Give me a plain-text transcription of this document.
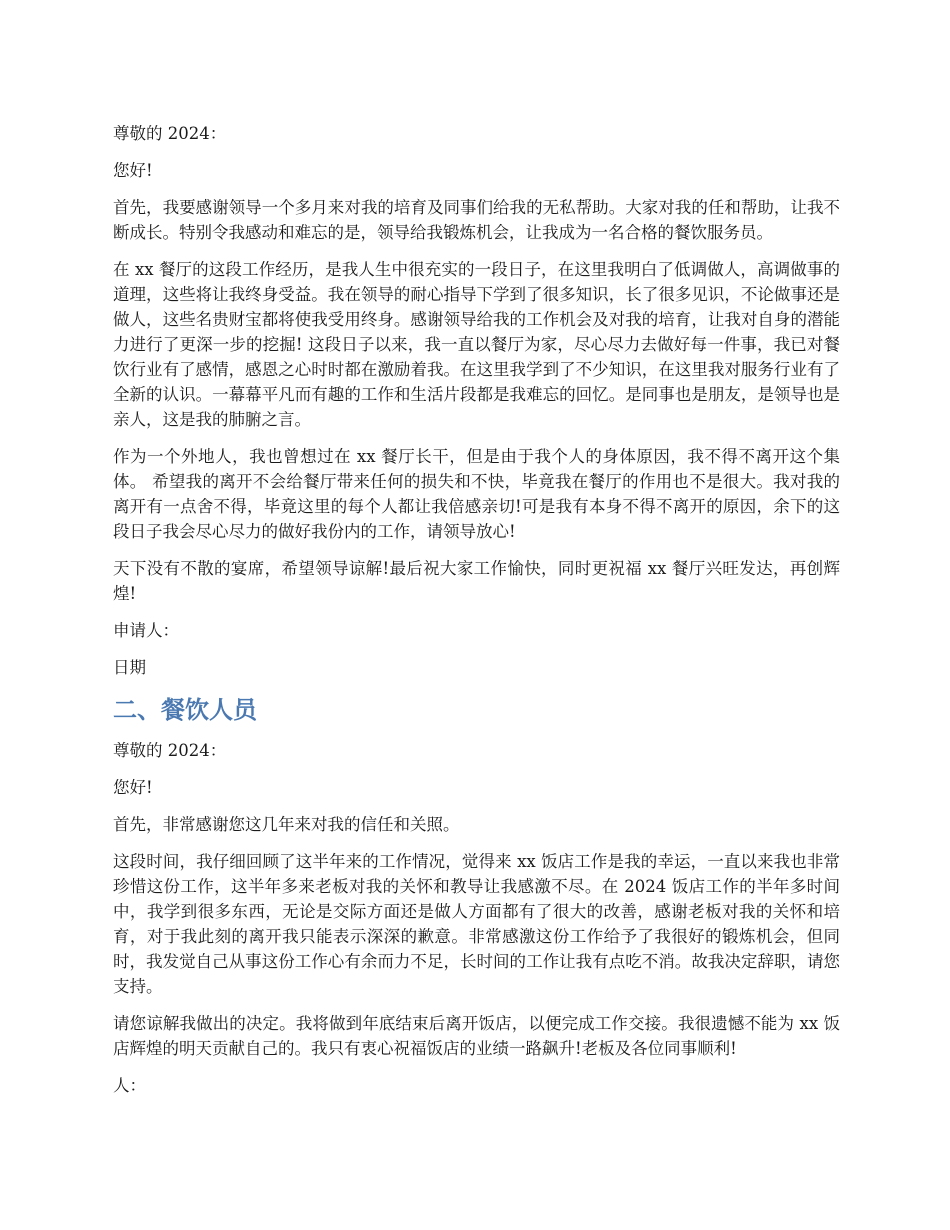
尊敬的 2024：

您好!

首先，我要感谢领导一个多月来对我的培育及同事们给我的无私帮助。大家对我的任和帮助，让我不断成长。特别令我感动和难忘的是，领导给我锻炼机会，让我成为一名合格的餐饮服务员。

在 xx 餐厅的这段工作经历，是我人生中很充实的一段日子，在这里我明白了低调做人，高调做事的道理，这些将让我终身受益。我在领导的耐心指导下学到了很多知识，长了很多见识，不论做事还是做人，这些名贵财宝都将使我受用终身。感谢领导给我的工作机会及对我的培育，让我对自身的潜能力进行了更深一步的挖掘! 这段日子以来，我一直以餐厅为家，尽心尽力去做好每一件事，我已对餐饮行业有了感情，感恩之心时时都在激励着我。在这里我学到了不少知识，在这里我对服务行业有了全新的认识。一幕幕平凡而有趣的工作和生活片段都是我难忘的回忆。是同事也是朋友，是领导也是亲人，这是我的肺腑之言。

作为一个外地人，我也曾想过在 xx 餐厅长干，但是由于我个人的身体原因，我不得不离开这个集体。 希望我的离开不会给餐厅带来任何的损失和不快，毕竟我在餐厅的作用也不是很大。我对我的离开有一点舍不得，毕竟这里的每个人都让我倍感亲切!可是我有本身不得不离开的原因，余下的这段日子我会尽心尽力的做好我份内的工作，请领导放心!

天下没有不散的宴席，希望领导谅解!最后祝大家工作愉快，同时更祝福 xx 餐厅兴旺发达，再创辉煌!

申请人：

日期

二、餐饮人员

尊敬的 2024：

您好!

首先，非常感谢您这几年来对我的信任和关照。

这段时间，我仔细回顾了这半年来的工作情况，觉得来 xx 饭店工作是我的幸运，一直以来我也非常珍惜这份工作，这半年多来老板对我的关怀和教导让我感激不尽。在 2024 饭店工作的半年多时间中，我学到很多东西，无论是交际方面还是做人方面都有了很大的改善，感谢老板对我的关怀和培育，对于我此刻的离开我只能表示深深的歉意。非常感激这份工作给予了我很好的锻炼机会，但同时，我发觉自己从事这份工作心有余而力不足，长时间的工作让我有点吃不消。故我决定辞职，请您支持。

请您谅解我做出的决定。我将做到年底结束后离开饭店，以便完成工作交接。我很遗憾不能为 xx 饭店辉煌的明天贡献自己的。我只有衷心祝福饭店的业绩一路飙升!老板及各位同事顺利!

人：
